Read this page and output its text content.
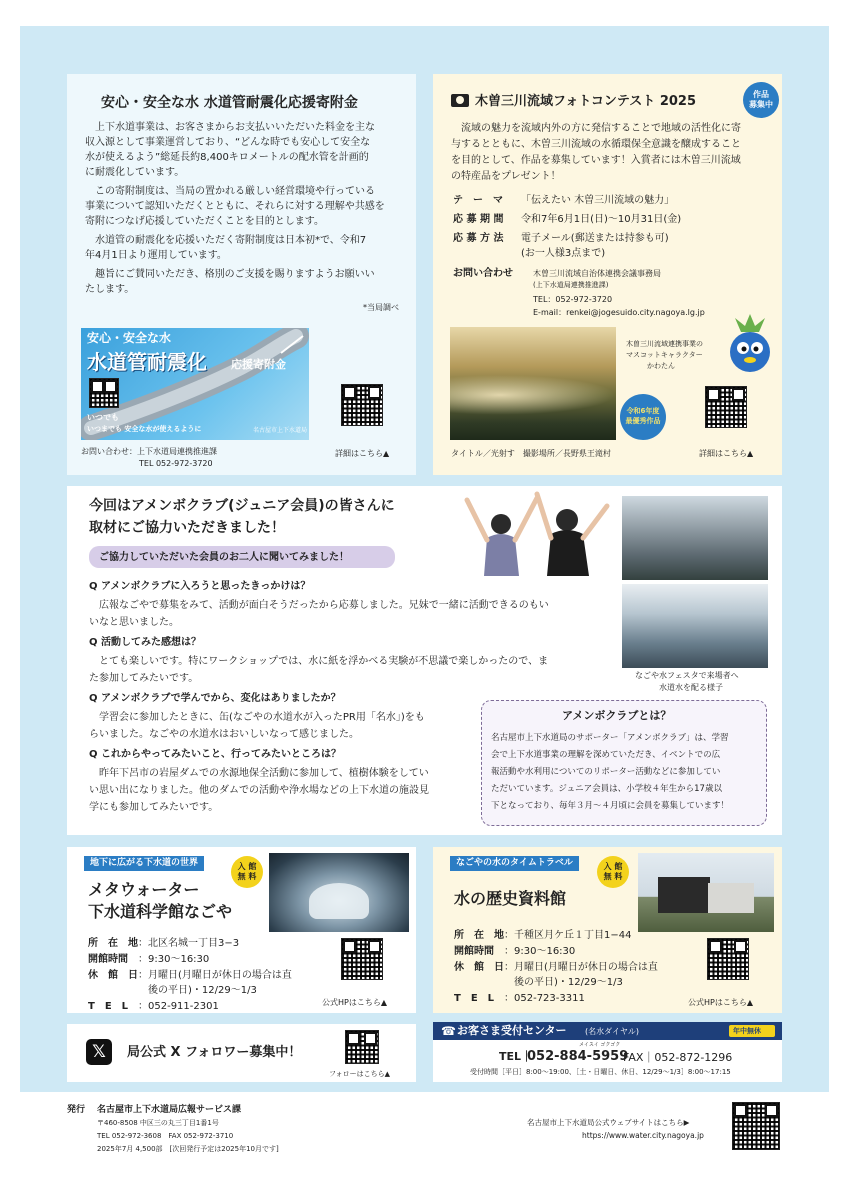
安心・安全な水 水道管耐震化応援寄附金
　上下水道事業は、お客さまからお支払いいただいた料金を主な
収入源として事業運営しており、“どんな時でも安心して安全な
水が使えるよう”総延長約8,400キロメートルの配水管を計画的
に耐震化しています。
　この寄附制度は、当局の置かれる厳しい経営環境や行っている
事業について認知いただくとともに、それらに対する理解や共感を
寄附につなげ応援していただくことを目的とします。
　水道管の耐震化を応援いただく寄附制度は日本初*で、令和7
年4月1日より運用しています。
　趣旨にご賛同いただき、格別のご支援を賜りますようお願いい
たします。
*当局調べ
安心・安全な水
水道管耐震化 応援寄附金
いつでも
いつまでも 安全な水が使えるように	名古屋市上下水道局
お問い合わせ：上下水道局連携推進課
TEL 052-972-3720
詳細はこちら▲
木曽三川流域フォトコンテスト 2025	作品
募集中
　流域の魅力を流域内外の方に発信することで地域の活性化に寄
与するとともに、木曽三川流域の水循環保全意識を醸成すること
を目的として、作品を募集しています！入賞者には木曽三川流域
の特産品をプレゼント！
テ　ー　マ 「伝えたい 木曽三川流域の魅力」
応 募 期 間 令和7年6月1日(日)〜10月31日(金)
応 募 方 法 電子メール(郵送または持参も可)
(お一人様3点まで)
お問い合わせ	木曽三川流域自治体連携会議事務局
(上下水道局連携推進課)
TEL：052-972-3720
E-mail：renkei@jogesuido.city.nagoya.lg.jp
令和6年度
最優秀作品
木曽三川流域連携事業の
マスコットキャラクター
かわたん
タイトル／光射す　撮影場所／長野県王滝村	詳細はこちら▲
今回はアメンボクラブ(ジュニア会員)の皆さんに
取材にご協力いただきました！
ご協力していただいた会員のお二人に聞いてみました！
なごや水フェスタで来場者へ
水道水を配る様子
Q アメンボクラブに入ろうと思ったきっかけは？
　広報なごやで募集をみて、活動が面白そうだったから応募しました。兄妹で一緒に活動できるのもい
いなと思いました。
Q 活動してみた感想は？
　とても楽しいです。特にワークショップでは、水に紙を浮かべる実験が不思議で楽しかったので、ま
た参加してみたいです。
Q アメンボクラブで学んでから、変化はありましたか？
　学習会に参加したときに、缶(なごやの水道水が入ったPR用「名水」)をも
らいました。なごやの水道水はおいしいなって感じました。
Q これからやってみたいこと、行ってみたいところは？
　昨年下呂市の岩屋ダムでの水源地保全活動に参加して、植樹体験をしてい
い思い出になりました。他のダムでの活動や浄水場などの上下水道の施設見
学にも参加してみたいです。
アメンボクラブとは？
名古屋市上下水道局のサポーター「アメンボクラブ」は、学習
会で上下水道事業の理解を深めていただき、イベントでの広
報活動や水利用についてのリポーター活動などに参加してい
ただいています。ジュニア会員は、小学校４年生から17歳以
下となっており、毎年３月〜４月頃に会員を募集しています！
地下に広がる下水道の世界	入 館
無 料
メタウォーター
下水道科学館なごや
所　在　地 ：北区名城一丁目3−3
開館時間 ：9:30〜16:30
休　館　日 ：月曜日(月曜日が休日の場合は直
　後の平日)・12/29〜1/3
T　E　L ：052-911-2301	公式HPはこちら▲
なごやの水のタイムトラベル	入 館
無 料
水の歴史資料館
所　在　地 ：千種区月ケ丘１丁目1−44
開館時間 ：9:30〜16:30
休　館　日 ：月曜日(月曜日が休日の場合は直
　後の平日)・12/29〜1/3
T　E　L ：052-723-3311	公式HPはこちら▲
𝕏	局公式 X フォロワー募集中！
フォローはこちら▲
☎ お客さま受付センター (名水ダイヤル)	年中無休
メイスイ ゴクゴク
TEL｜
052-884-5959
FAX｜052-872-1296
受付時間［平日］8:00〜19:00、［土・日曜日、休日、12/29〜1/3］8:00〜17:15
発行 名古屋市上下水道局広報サービス課
〒460-8508 中区三の丸三丁目1番1号
TEL 052-972-3608　FAX 052-972-3710
2025年7月 4,500部　[次回発行予定は2025年10月です]
名古屋市上下水道局公式ウェブサイトはこちら▶
https://www.water.city.nagoya.jp
